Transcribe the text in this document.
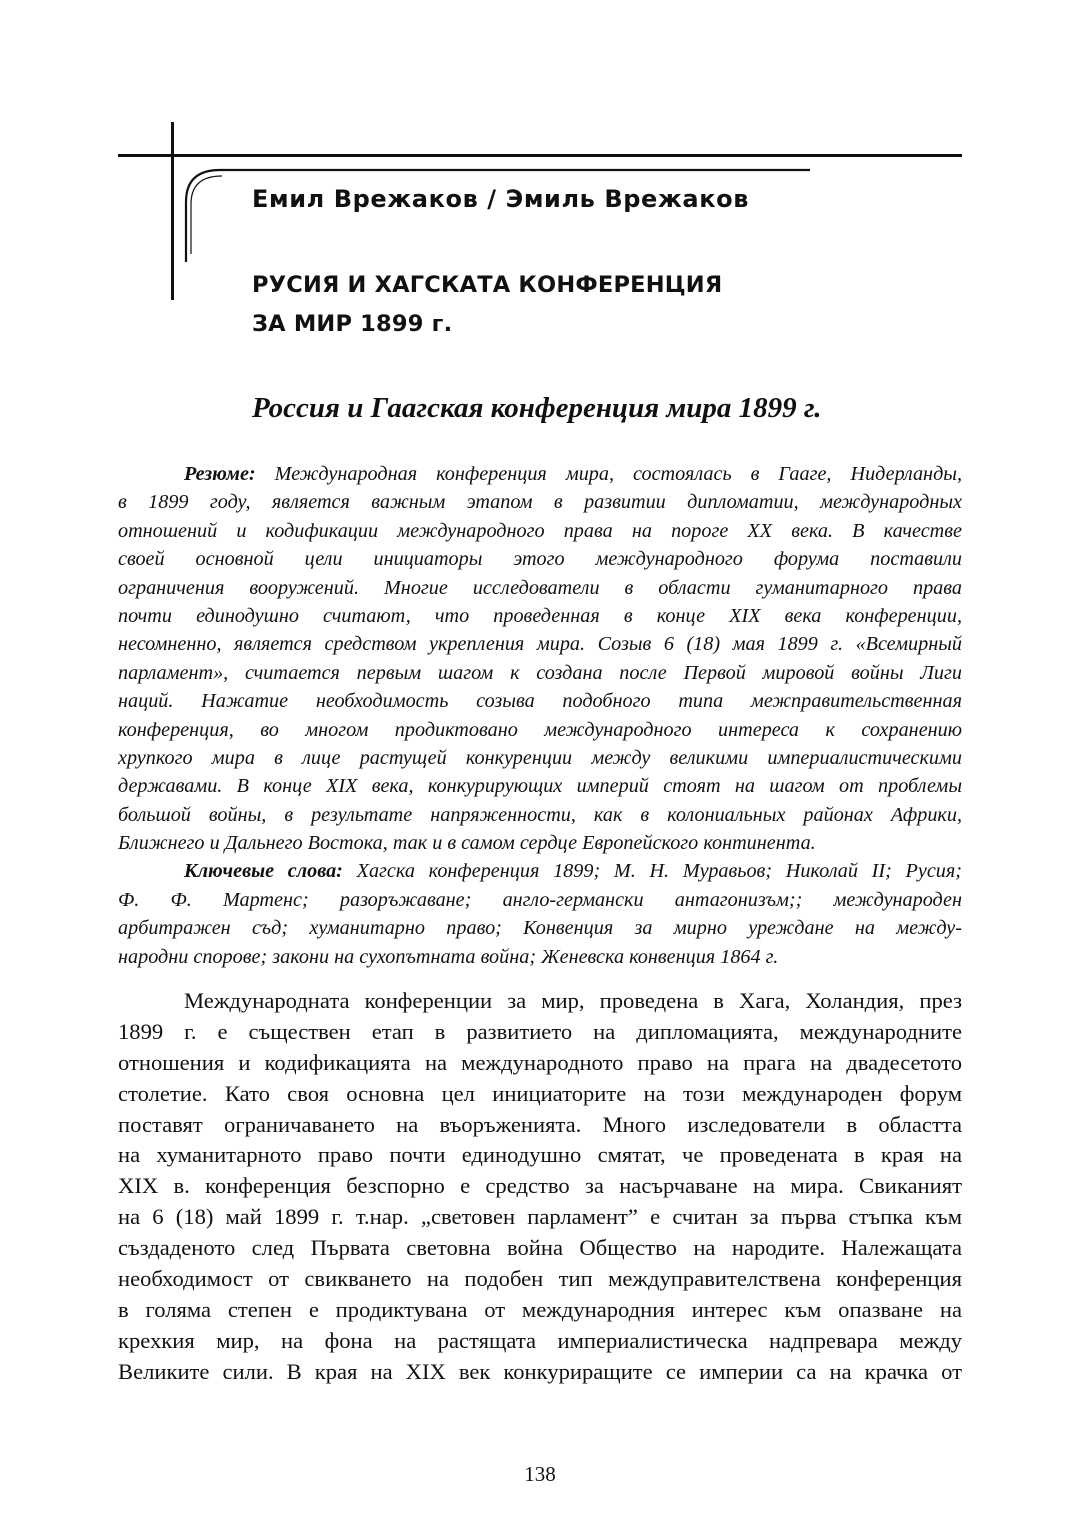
Емил Врежаков / Эмиль Врежаков
РУСИЯ И ХАГСКАТА КОНФЕРЕНЦИЯ
ЗА МИР 1899 г.
Россия и Гаагская конференция мира 1899 г.
Резюме: Международная конференция мира, состоялась в Гааге, Нидерланды,
в 1899 году, является важным этапом в развитии дипломатии, международных
отношений и кодификации международного права на пороге XX века. В качестве
своей основной цели инициаторы этого международного форума поставили
ограничения вооружений. Многие исследователи в области гуманитарного права
почти единодушно считают, что проведенная в конце XIX века конференции,
несомненно, является средством укрепления мира. Созыв 6 (18) мая 1899 г. «Всемирный
парламент», считается первым шагом к создана после Первой мировой войны Лиги
наций. Нажатие необходимость созыва подобного типа межправительственная
конференция, во многом продиктовано международного интереса к сохранению
хрупкого мира в лице растущей конкуренции между великими империалистическими
державами. В конце XIX века, конкурирующих империй стоят на шагом от проблемы
большой войны, в результате напряженности, как в колониальных районах Африки,
Ближнего и Дальнего Востока, так и в самом сердце Европейского континента.
Ключевые слова: Хагска конференция 1899; М. Н. Муравьов; Николай II; Русия;
Ф. Ф. Мартенс; разоръжаване; англо-германски антагонизъм;; международен
арбитражен съд; хуманитарно право; Конвенция за мирно уреждане на между-
народни спорове; закони на сухопътната война; Женевска конвенция 1864 г.
Международната конференции за мир, проведена в Хага, Холандия, през
1899 г. е съществен етап в развитието на дипломацията, международните
отношения и кодификацията на международното право на прага на двадесетото
столетие. Като своя основна цел инициаторите на този международен форум
поставят ограничаването на въоръженията. Много изследователи в областта
на хуманитарното право почти единодушно смятат, че проведената в края на
XIX в. конференция безспорно е средство за насърчаване на мира. Свиканият
на 6 (18) май 1899 г. т.нар. „световен парламент” е считан за първа стъпка към
създаденото след Първата световна война Общество на народите. Належащата
необходимост от свикването на подобен тип междуправителствена конференция
в голяма степен е продиктувана от международния интерес към опазване на
крехкия мир, на фона на растящата империалистическа надпревара между
Великите сили. В края на XIX век конкуриращите се империи са на крачка от
138
